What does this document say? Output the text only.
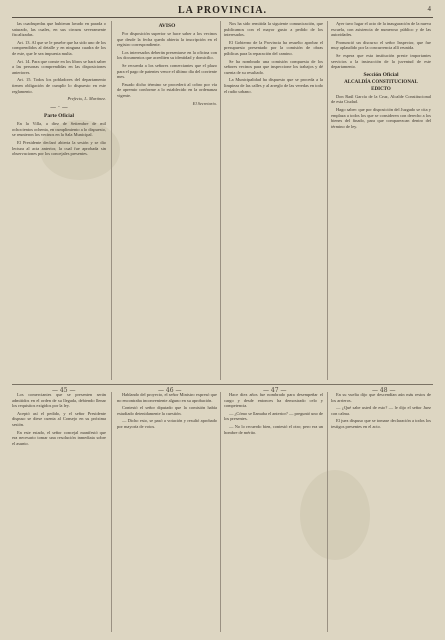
LA PROVINCIA.	4

las cuadrupedas que hubieran lavado en parada o saturado, las cuales, en sus circuns severamente fiscalizadas.

Art. 13. Al que se le pruebe que ha sido uno de los comprendidos al detalle y en ninguna cuadra de los de este, que le sea impuesta multa.

Art. 14. Para que conste en los libros se hará saber a las personas comprendidas en las disposiciones anteriores.

Art. 15. Todos los pobladores del departamento tienen obligación de cumplir lo dispuesto en este reglamento.

Prefecto, L. Martinez.
— · —
Parte Oficial

En la Villa, a diez de Setiembre de mil ochocientos ochenta, en cumplimiento a lo dispuesto, se reunieron los vecinos en la Sala Municipal.

El Presidente declaró abierta la sesión y se dio lectura al acta anterior, la cual fue aprobada sin observaciones por los concejales presentes.

AVISO

Por disposición superior se hace saber a los vecinos que desde la fecha queda abierta la inscripción en el registro correspondiente.

Los interesados deberán presentarse en la oficina con los documentos que acrediten su identidad y domicilio.

Se recuerda a los señores comerciantes que el plazo para el pago de patentes vence el último día del corriente mes.

Pasado dicho término se procederá al cobro por vía de apremio conforme a lo establecido en la ordenanza vigente.

El Secretario.

Nos ha sido remitida la siguiente comunicación, que publicamos con el mayor gusto a pedido de los interesados.

El Gobierno de la Provincia ha resuelto aprobar el presupuesto presentado por la comisión de obras públicas para la reparación del camino.

Se ha nombrado una comisión compuesta de los señores vecinos para que inspeccione los trabajos y dé cuenta de su resultado.

La Municipalidad ha dispuesto que se proceda a la limpieza de las calles y al arreglo de las veredas en todo el radio urbano.

Ayer tuvo lugar el acto de la inauguración de la nueva escuela, con asistencia de numeroso público y de las autoridades.

Pronunció un discurso el señor Inspector, que fue muy aplaudido por la concurrencia allí reunida.

Se espera que esta institución preste importantes servicios a la instrucción de la juventud de este departamento.

Sección Oficial
ALCALDÍA CONSTITUCIONAL
EDICTO

Don Raúl García de la Cruz, Alcalde Constitucional de esta Ciudad.

Hago saber: que por disposición del Juzgado se cita y emplaza a todos los que se consideren con derecho a los bienes del finado, para que comparezcan dentro del término de ley.

— 45 —	— 46 —	— 47 —	— 48 —

Los comerciantes que se presenten serán admitidos en el orden de su llegada, debiendo llenar los requisitos exigidos por la ley.

Aceptó así el pedido, y el señor Presidente dispuso se diese cuenta al Consejo en su próxima sesión.

En este estado, el señor concejal manifestó que era necesario tomar una resolución inmediata sobre el asunto.

Hablando del proyecto, el señor Ministro expresó que no encontraba inconveniente alguno en su aprobación.

Contestó el señor diputado que la comisión había estudiado detenidamente la cuestión.

— Dicho esto, se pasó a votación y resultó aprobado por mayoría de votos.

Hace diez años fue nombrado para desempeñar el cargo y desde entonces ha demostrado celo y competencia.

— ¿Cómo se llamaba el anterior? — preguntó uno de los presentes.

— No lo recuerdo bien, contestó el otro; pero era un hombre de mérito.

En su vuelta dijo que descendían aún más restos de los arrieros.

— ¿Qué sabe usted de esto? — le dijo el señor Juez con calma.

El juez dispuso que se tomase declaración a todos los testigos presentes en el acto.
